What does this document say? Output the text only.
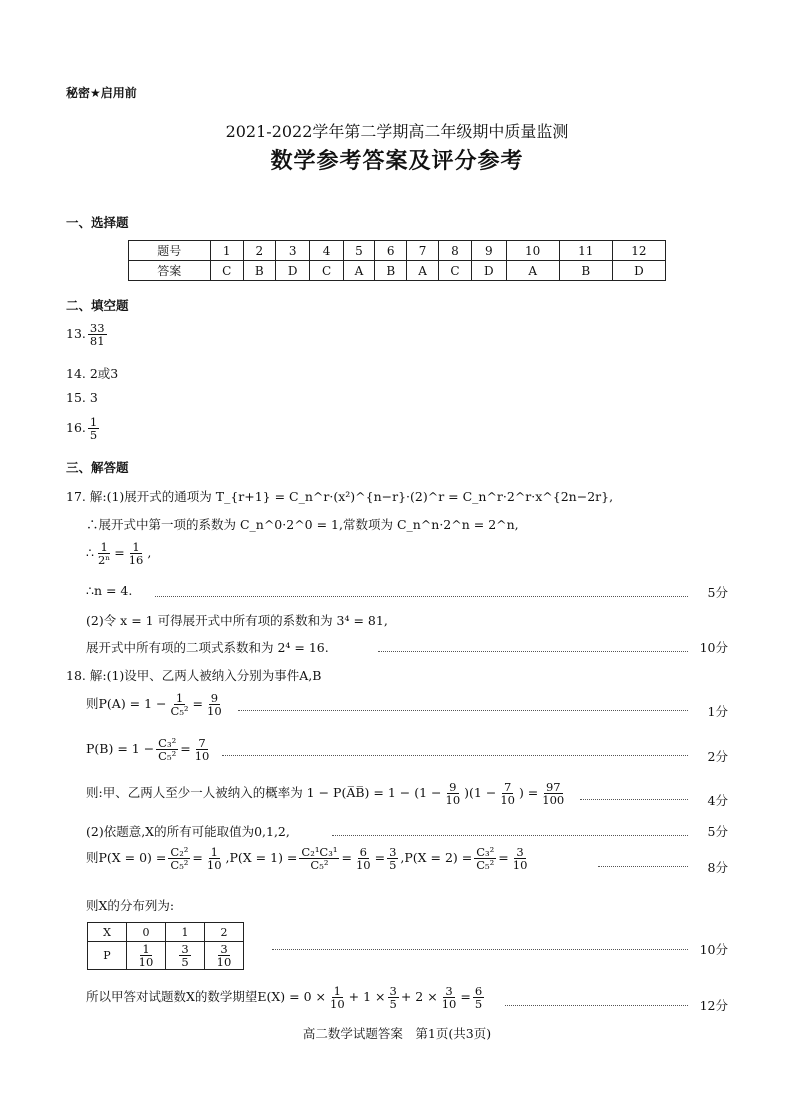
秘密★启用前
2021-2022学年第二学期高二年级期中质量监测
数学参考答案及评分参考
一、选择题
题号	1	2	3	4	5	6	7	8	9	10	11	12
答案	C	B	D	C	A	B	A	C	D	A	B	D
二、填空题
13. $\frac{33}{81}$
14. 2或3
15. 3
16. $\frac{1}{5}$
三、解答题
17. 解:(1)展开式的通项为 T_{r+1} = C_n^r·(x²)^{n−r}·(2)^r = C_n^r·2^r·x^{2n−2r},
∴展开式中第一项的系数为 C_n^0·2^0 = 1,常数项为 C_n^n·2^n = 2^n,
∴ $\frac{1}{\text{2ⁿ}} = \frac{1}{16}$ ,
∴n = 4.	5分
(2)令 x = 1 可得展开式中所有项的系数和为 3⁴ = 81,
展开式中所有项的二项式系数和为 2⁴ = 16.	10分
18. 解:(1)设甲、乙两人被纳入分别为事件A,B
则$P(A) = 1 - \frac{1}{\text{C₅²}} = \frac{9}{10}$	1分
$P(B) = 1 - \frac{\text{C₃²}}{\text{C₅²}} = \frac{7}{10}$	2分
则:甲、乙两人至少一人被纳入的概率为 1 − P(A̅B̅) = $1 - (1 - \frac{9}{10} )(1 - \frac{7}{10}$ ) = $\frac{97}{100}$	4分
(2)依题意,X的所有可能取值为0,1,2,	5分
则$P(X = 0) = \frac{\text{C₂²}}{\text{C₅²}} = \frac{1}{10} ,P(X = 1) = \frac{\text{C₂¹C₃¹}}{\text{C₅²}} = \frac{6}{10} = \frac{3}{5} ,P(X = 2) = \frac{\text{C₃²}}{\text{C₅²}} = \frac{3}{10}$	8分
则X的分布列为:
X	0	1	2
P	$\frac{1}{10}$	$\frac{3}{5}$	$\frac{3}{10}$	10分
所以甲答对试题数X的数学期望$E(X) = 0 \times \frac{1}{10} + 1 \times \frac{3}{5} + 2 \times \frac{3}{10} = \frac{6}{5}$	12分
高二数学试题答案　第1页(共3页)
